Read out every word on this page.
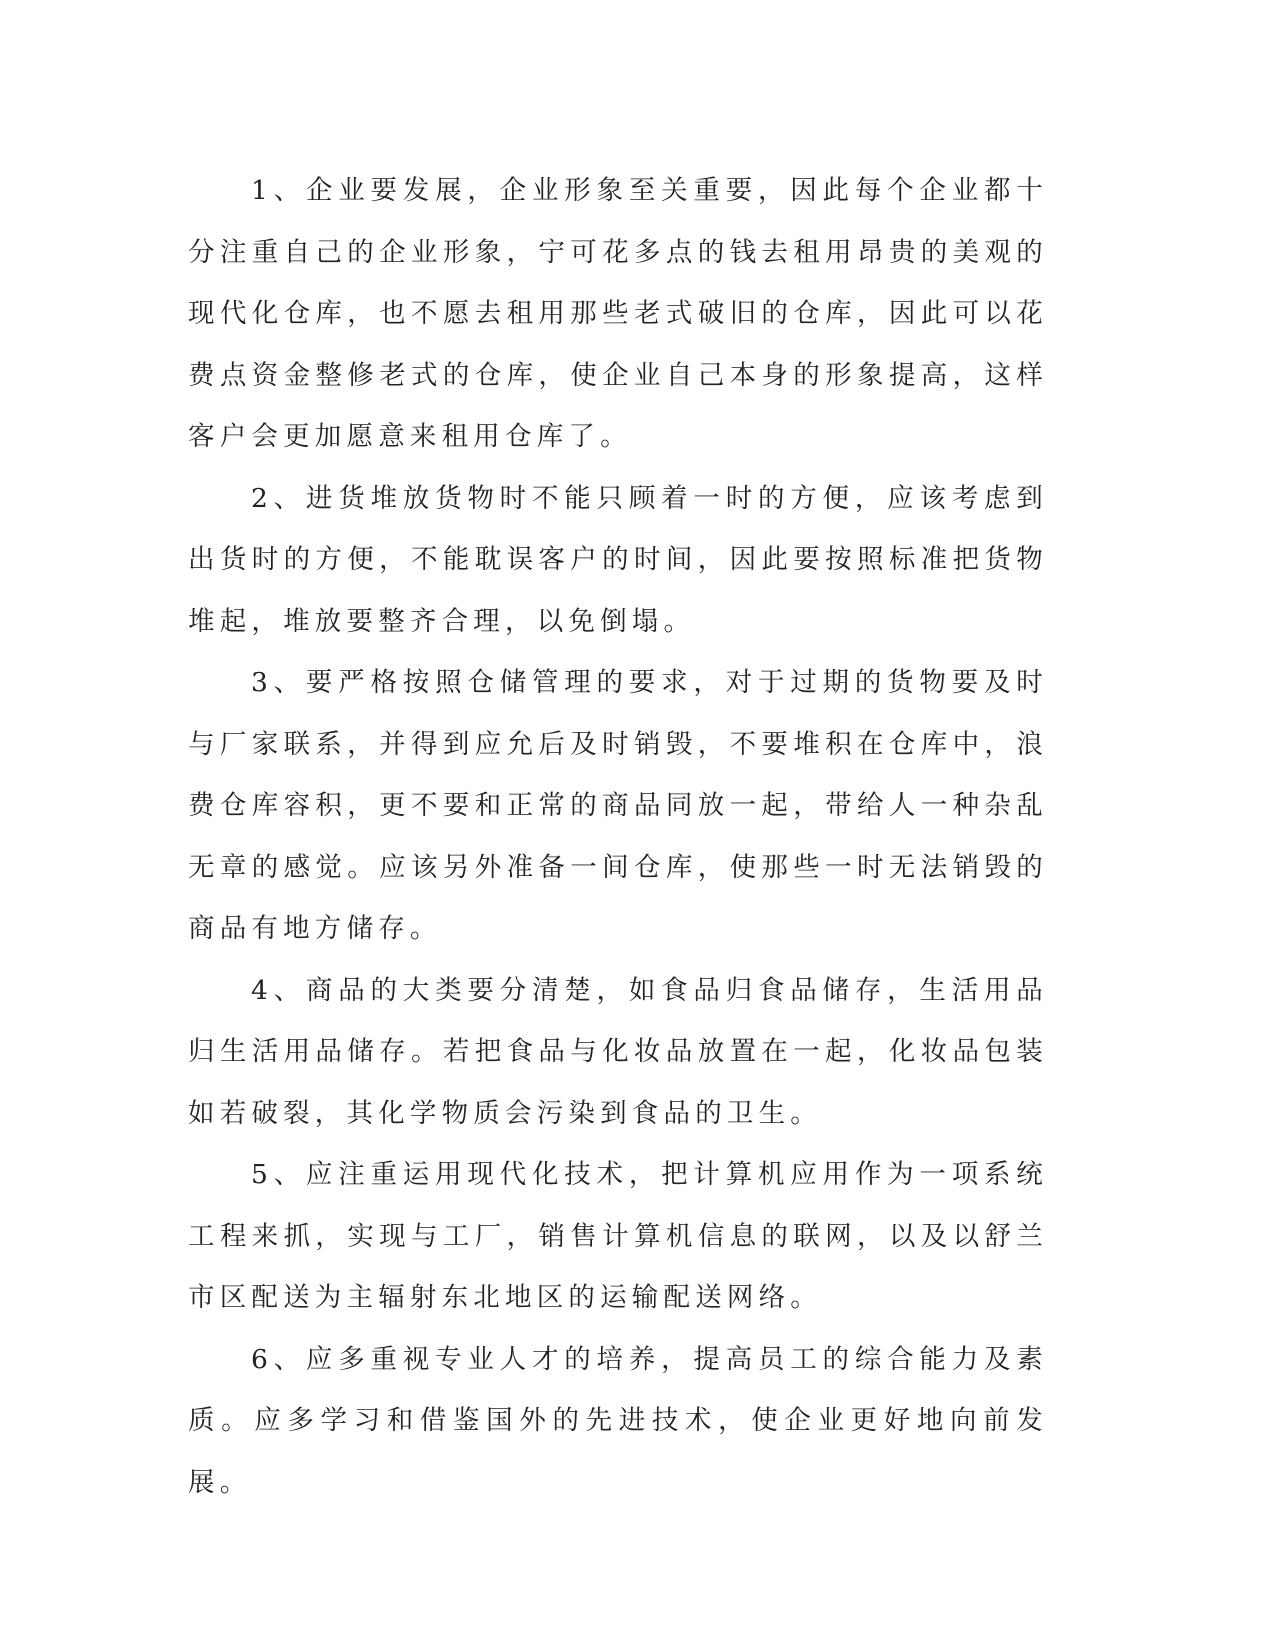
1、企业要发展，企业形象至关重要，因此每个企业都十分注重自己的企业形象，宁可花多点的钱去租用昂贵的美观的现代化仓库，也不愿去租用那些老式破旧的仓库，因此可以花费点资金整修老式的仓库，使企业自己本身的形象提高，这样客户会更加愿意来租用仓库了。

2、进货堆放货物时不能只顾着一时的方便，应该考虑到出货时的方便，不能耽误客户的时间，因此要按照标准把货物堆起，堆放要整齐合理，以免倒塌。

3、要严格按照仓储管理的要求，对于过期的货物要及时与厂家联系，并得到应允后及时销毁，不要堆积在仓库中，浪费仓库容积，更不要和正常的商品同放一起，带给人一种杂乱无章的感觉。应该另外准备一间仓库，使那些一时无法销毁的商品有地方储存。

4、商品的大类要分清楚，如食品归食品储存，生活用品归生活用品储存。若把食品与化妆品放置在一起，化妆品包装如若破裂，其化学物质会污染到食品的卫生。

5、应注重运用现代化技术，把计算机应用作为一项系统工程来抓，实现与工厂，销售计算机信息的联网，以及以舒兰市区配送为主辐射东北地区的运输配送网络。

6、应多重视专业人才的培养，提高员工的综合能力及素质。应多学习和借鉴国外的先进技术，使企业更好地向前发展。
